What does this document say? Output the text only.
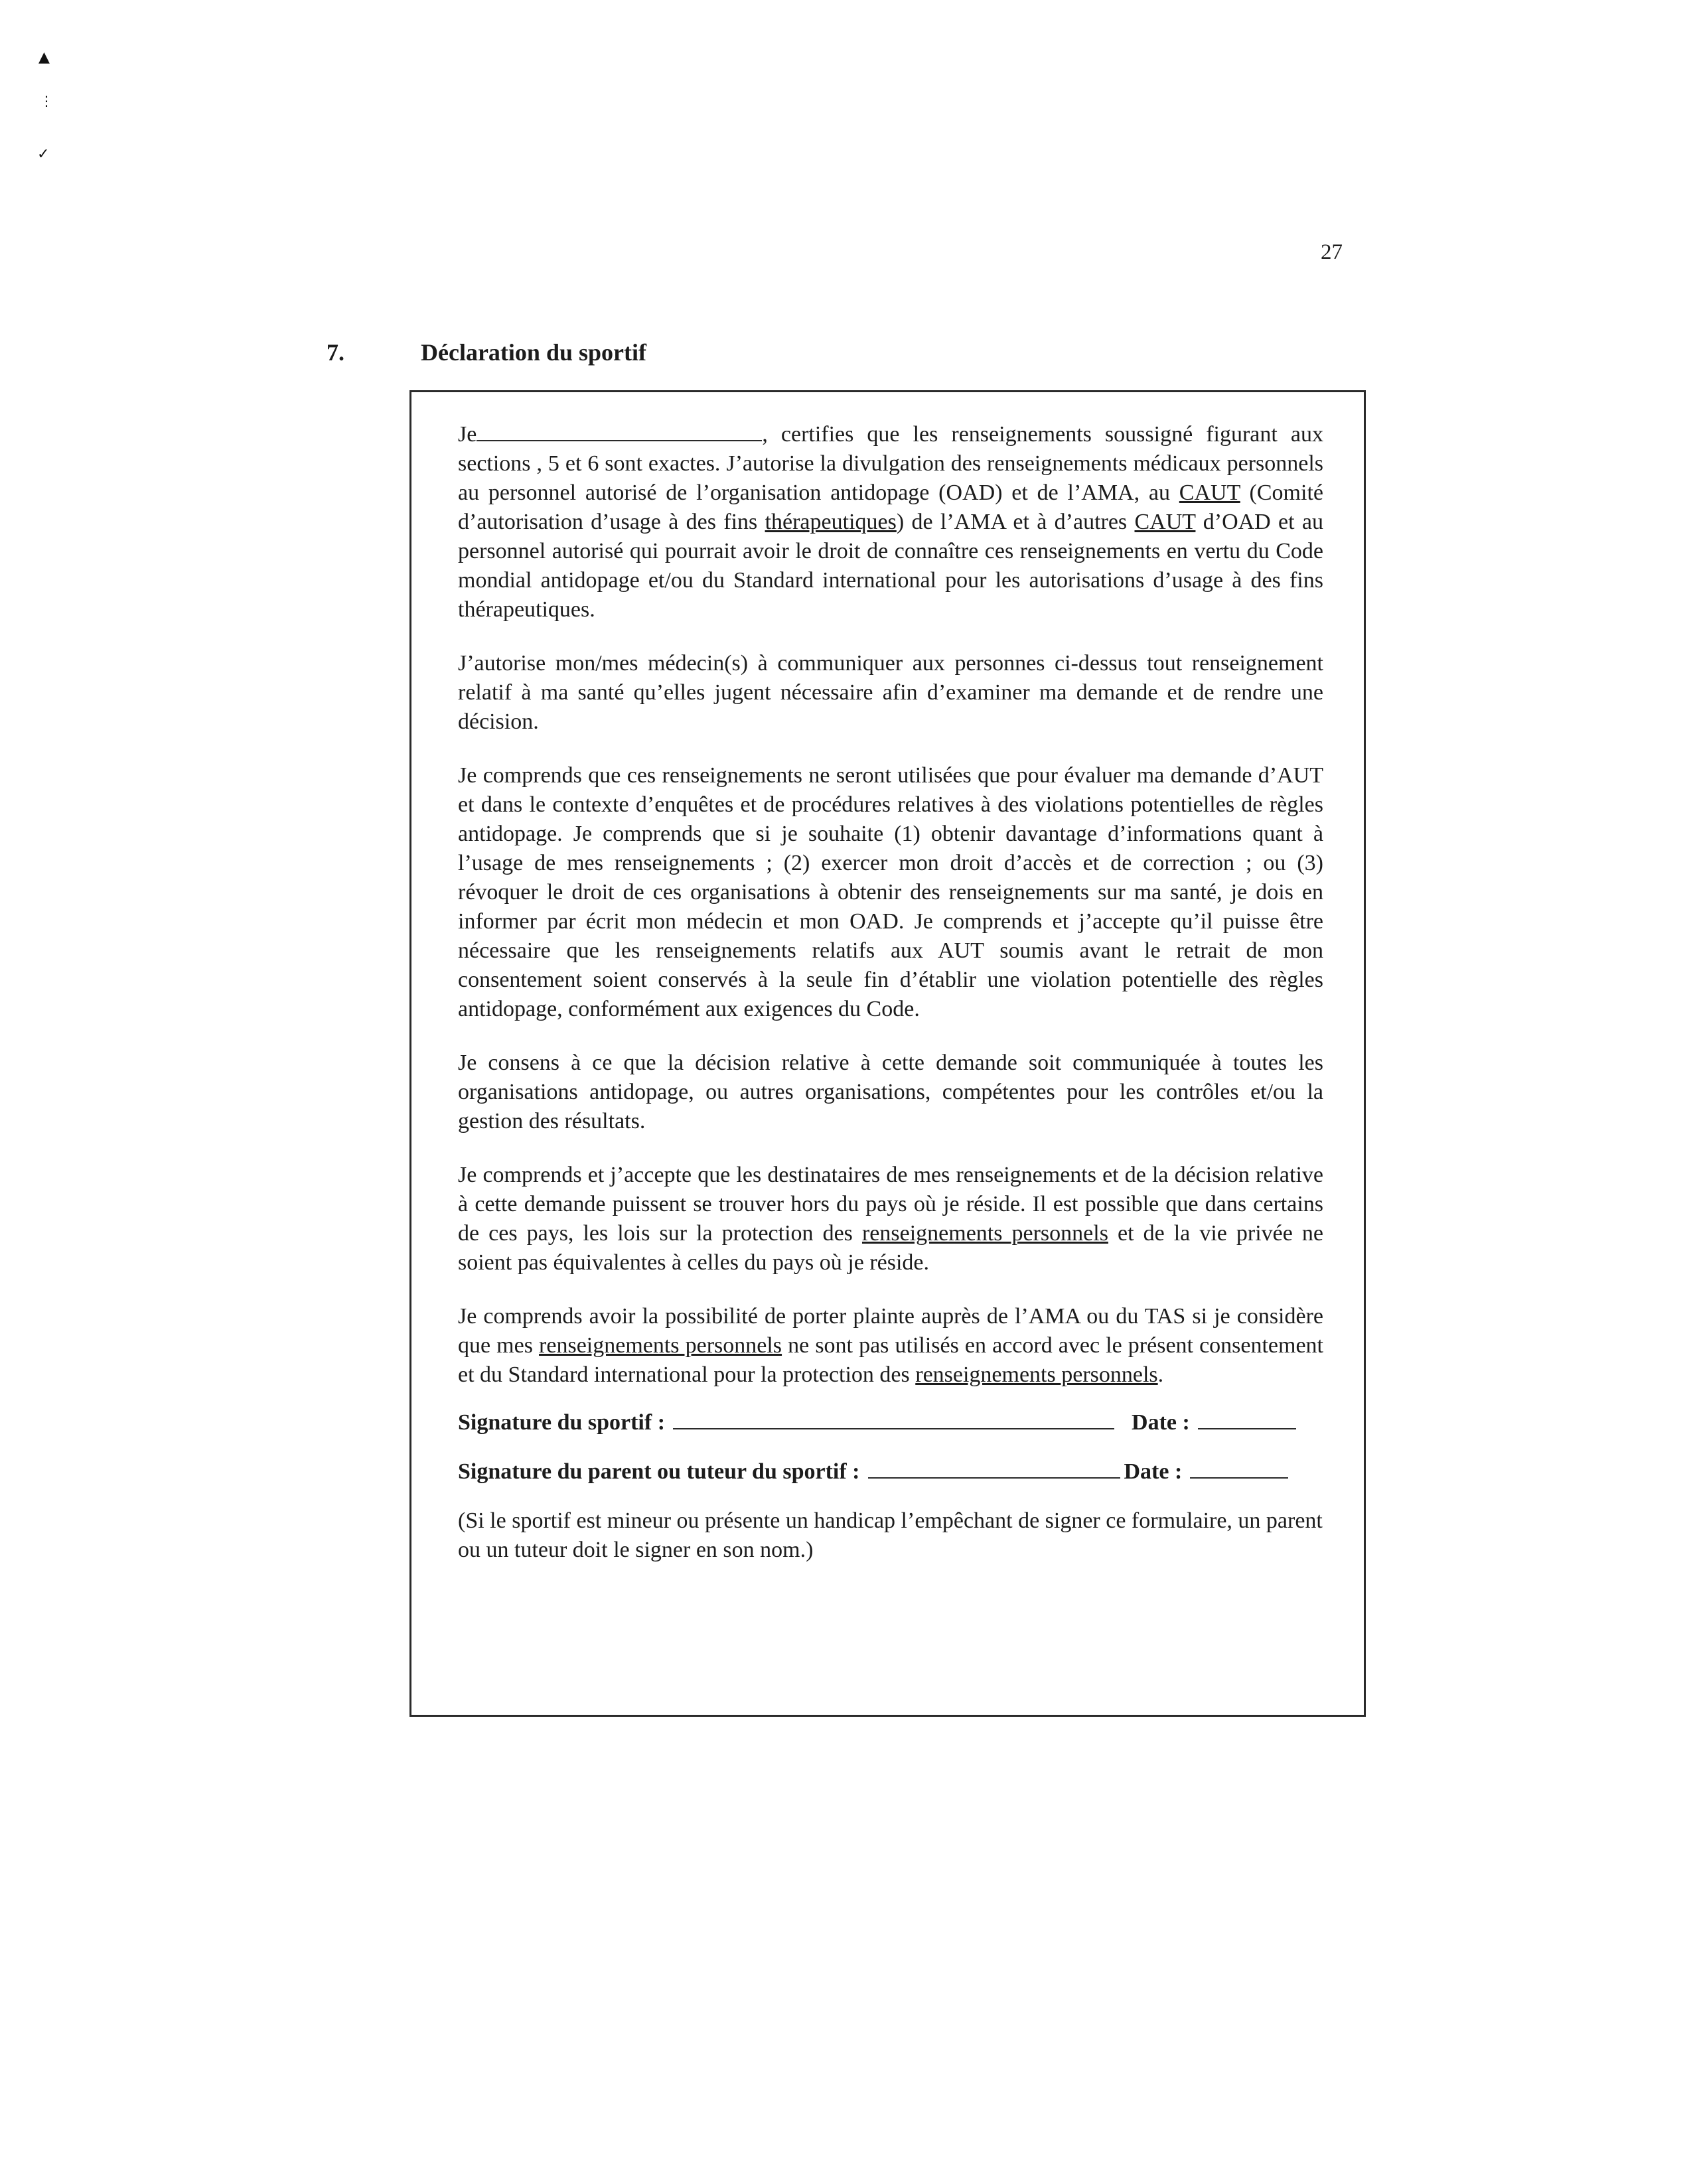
▲
⋮
✓
27
7.	Déclaration du sportif

Je	, certifies que les renseignements soussigné figurant aux sections , 5 et 6 sont exactes. J’autorise la divulgation des renseignements médicaux personnels au personnel autorisé de l’organisation antidopage (OAD) et de l’AMA, au CAUT (Comité d’autorisation d’usage à des fins thérapeutiques) de l’AMA et à d’autres CAUT d’OAD et au personnel autorisé qui pourrait avoir le droit de connaître ces renseignements en vertu du Code mondial antidopage et/ou du Standard international pour les autorisations d’usage à des fins thérapeutiques.

J’autorise mon/mes médecin(s) à communiquer aux personnes ci-dessus tout renseignement relatif à ma santé qu’elles jugent nécessaire afin d’examiner ma demande et de rendre une décision.

Je comprends que ces renseignements ne seront utilisées que pour évaluer ma demande d’AUT et dans le contexte d’enquêtes et de procédures relatives à des violations potentielles de règles antidopage. Je comprends que si je souhaite (1) obtenir davantage d’informations quant à l’usage de mes renseignements ; (2) exercer mon droit d’accès et de correction ; ou (3) révoquer le droit de ces organisations à obtenir des renseignements sur ma santé, je dois en informer par écrit mon médecin et mon OAD. Je comprends et j’accepte qu’il puisse être nécessaire que les renseignements relatifs aux AUT soumis avant le retrait de mon consentement soient conservés à la seule fin d’établir une violation potentielle des règles antidopage, conformément aux exigences du Code.

Je consens à ce que la décision relative à cette demande soit communiquée à toutes les organisations antidopage, ou autres organisations, compétentes pour les contrôles et/ou la gestion des résultats.

Je comprends et j’accepte que les destinataires de mes renseignements et de la décision relative à cette demande puissent se trouver hors du pays où je réside. Il est possible que dans certains de ces pays, les lois sur la protection des renseignements personnels et de la vie privée ne soient pas équivalentes à celles du pays où je réside.

Je comprends avoir la possibilité de porter plainte auprès de l’AMA ou du TAS si je considère que mes renseignements personnels ne sont pas utilisés en accord avec le présent consentement et du Standard international pour la protection des renseignements personnels.

Signature du sportif :	Date :
Signature du parent ou tuteur du sportif :	Date :

(Si le sportif est mineur ou présente un handicap l’empêchant de signer ce formulaire, un parent ou un tuteur doit le signer en son nom.)
